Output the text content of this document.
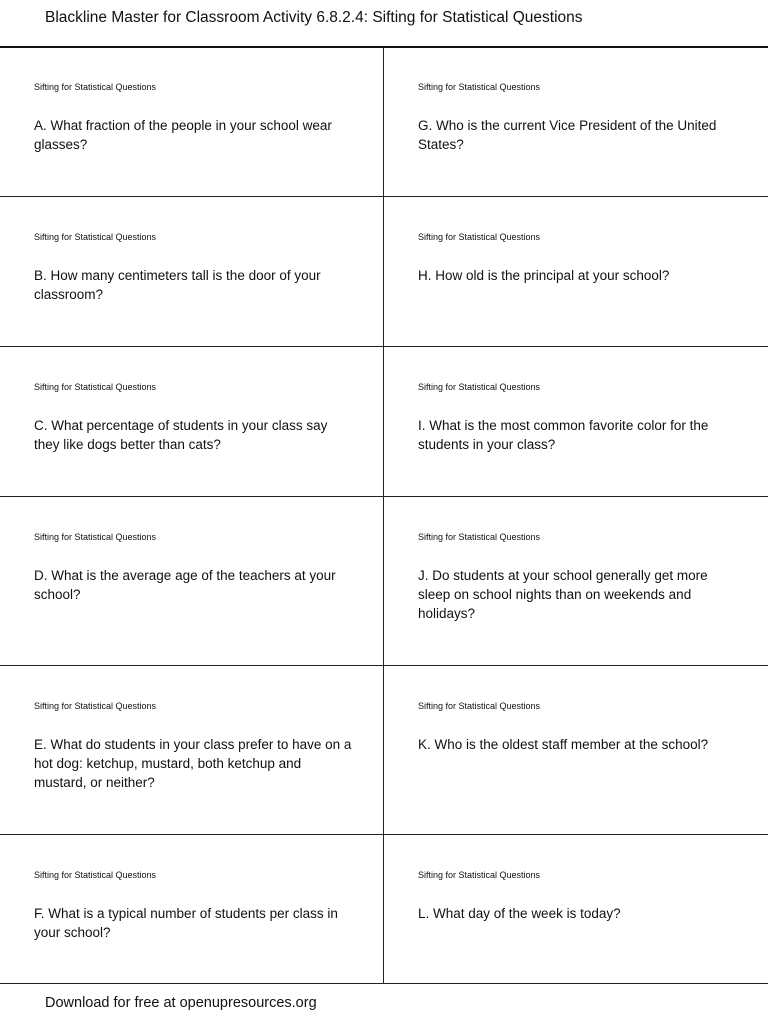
Blackline Master for Classroom Activity 6.8.2.4: Sifting for Statistical Questions
Sifting for Statistical Questions
A. What fraction of the people in your school wear glasses?
Sifting for Statistical Questions
G. Who is the current Vice President of the United States?
Sifting for Statistical Questions
B. How many centimeters tall is the door of your classroom?
Sifting for Statistical Questions
H. How old is the principal at your school?
Sifting for Statistical Questions
C. What percentage of students in your class say they like dogs better than cats?
Sifting for Statistical Questions
I. What is the most common favorite color for the students in your class?
Sifting for Statistical Questions
D. What is the average age of the teachers at your school?
Sifting for Statistical Questions
J. Do students at your school generally get more sleep on school nights than on weekends and holidays?
Sifting for Statistical Questions
E. What do students in your class prefer to have on a hot dog: ketchup, mustard, both ketchup and mustard, or neither?
Sifting for Statistical Questions
K. Who is the oldest staff member at the school?
Sifting for Statistical Questions
F. What is a typical number of students per class in your school?
Sifting for Statistical Questions
L. What day of the week is today?
Download for free at openupresources.org
